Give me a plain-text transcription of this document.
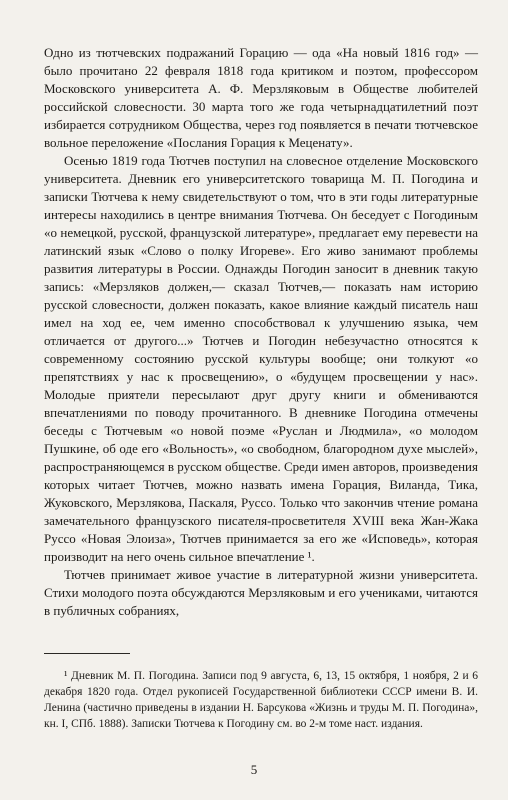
Одно из тютчевских подражаний Горацию — ода «На новый 1816 год» — было прочитано 22 февраля 1818 года критиком и поэтом, профессором Московского университета А. Ф. Мерзляковым в Обществе любителей российской словесности. 30 марта того же года четырнадцатилетний поэт избирается сотрудником Общества, через год появляется в печати тютчевское вольное переложение «Послания Горация к Меценату».

Осенью 1819 года Тютчев поступил на словесное отделение Московского университета. Дневник его университетского товарища М. П. Погодина и записки Тютчева к нему свидетельствуют о том, что в эти годы литературные интересы находились в центре внимания Тютчева. Он беседует с Погодиным «о немецкой, русской, французской литературе», предлагает ему перевести на латинский язык «Слово о полку Игореве». Его живо занимают проблемы развития литературы в России. Однажды Погодин заносит в дневник такую запись: «Мерзляков должен,— сказал Тютчев,— показать нам историю русской словесности, должен показать, какое влияние каждый писатель наш имел на ход ее, чем именно способствовал к улучшению языка, чем отличается от другого...» Тютчев и Погодин небезучастно относятся к современному состоянию русской культуры вообще; они толкуют «о препятствиях у нас к просвещению», о «будущем просвещении у нас». Молодые приятели пересылают друг другу книги и обмениваются впечатлениями по поводу прочитанного. В дневнике Погодина отмечены беседы с Тютчевым «о новой поэме «Руслан и Людмила», «о молодом Пушкине, об оде его «Вольность», «о свободном, благородном духе мыслей», распространяющемся в русском обществе. Среди имен авторов, произведения которых читает Тютчев, можно назвать имена Горация, Виланда, Тика, Жуковского, Мерзлякова, Паскаля, Руссо. Только что закончив чтение романа замечательного французского писателя-просветителя XVIII века Жан-Жака Руссо «Новая Элоиза», Тютчев принимается за его же «Исповедь», которая производит на него очень сильное впечатление ¹.

Тютчев принимает живое участие в литературной жизни университета. Стихи молодого поэта обсуждаются Мерзляковым и его учениками, читаются в публичных собраниях,

¹ Дневник М. П. Погодина. Записи под 9 августа, 6, 13, 15 октября, 1 ноября, 2 и 6 декабря 1820 года. Отдел рукописей Государственной библиотеки СССР имени В. И. Ленина (частично приведены в издании Н. Барсукова «Жизнь и труды М. П. Погодина», кн. I, СПб. 1888). Записки Тютчева к Погодину см. во 2-м томе наст. издания.

5
